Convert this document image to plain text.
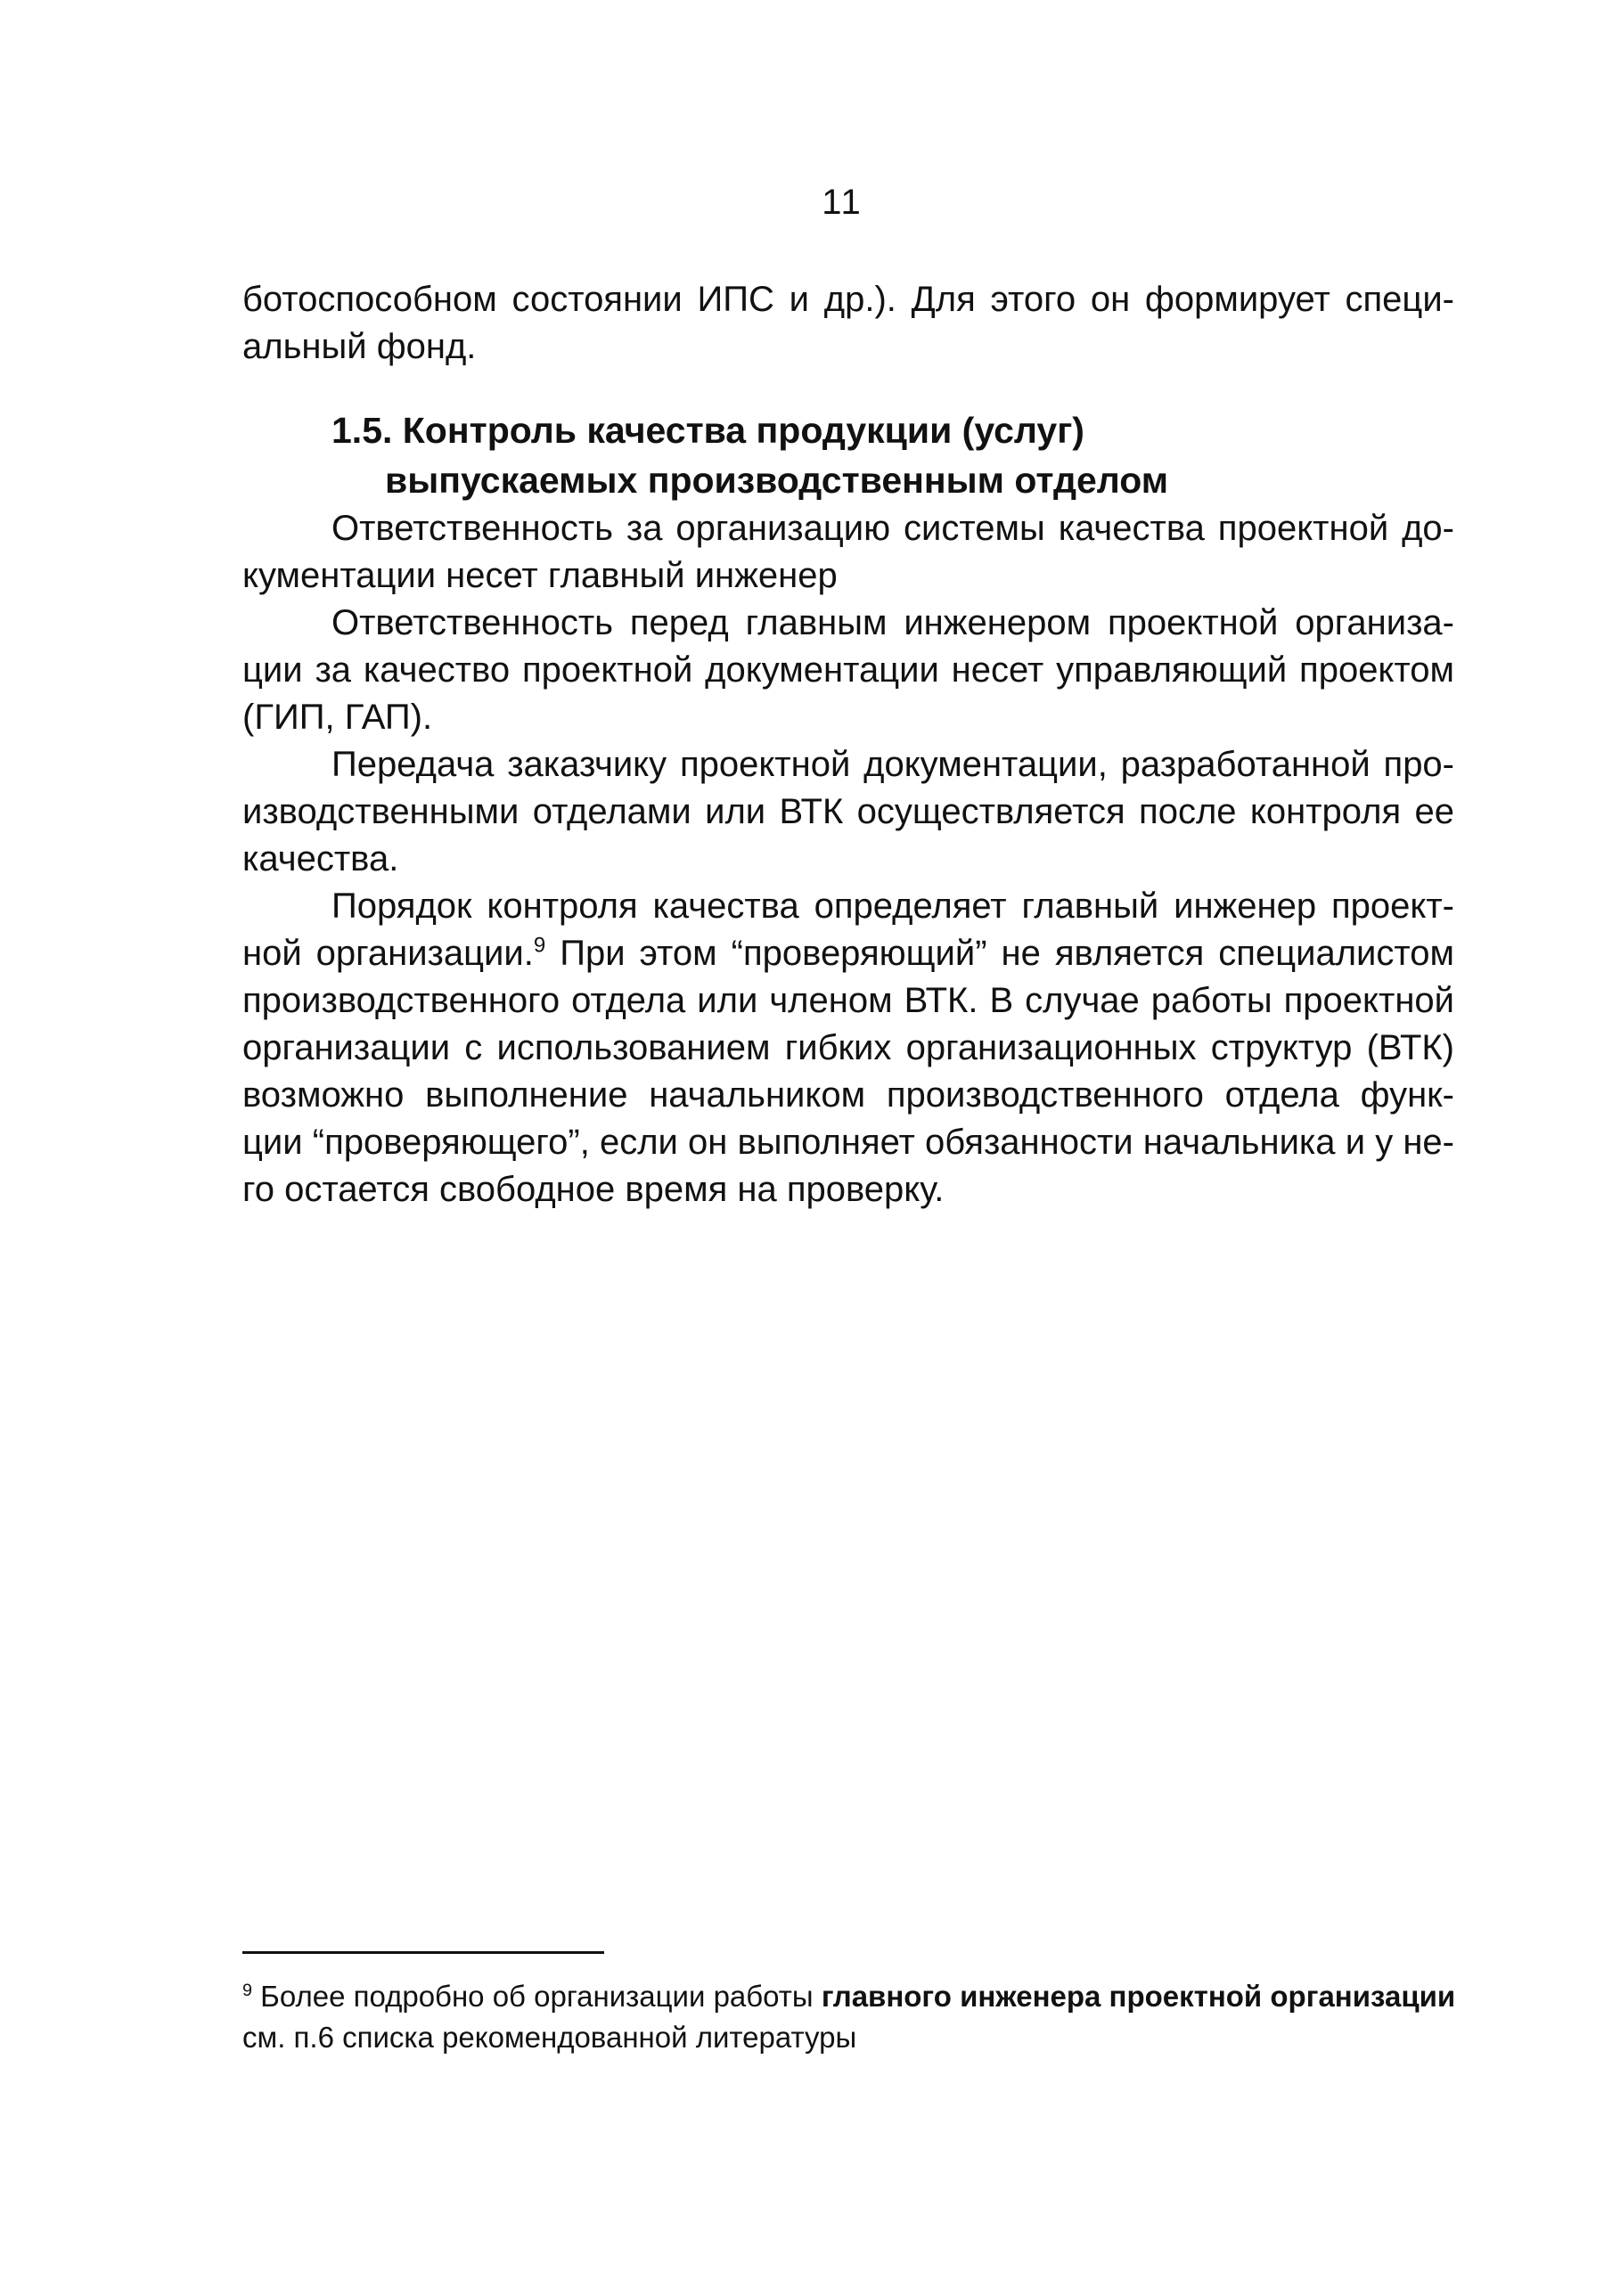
11
ботоспособном состоянии ИПС и др.). Для этого он формирует специ-
альный фонд.
1.5. Контроль качества продукции (услуг)
выпускаемых производственным отделом
Ответственность за организацию системы качества проектной до-
кументации несет главный инженер
Ответственность перед главным инженером проектной организа-
ции за качество проектной документации несет управляющий проектом
(ГИП, ГАП).
Передача заказчику проектной документации, разработанной про-
изводственными отделами или ВТК осуществляется после контроля ее
качества.
Порядок контроля качества определяет главный инженер проект-
ной организации.$^9$ При этом “проверяющий” не является специалистом
производственного отдела или членом ВТК. В случае работы проектной
организации с использованием гибких организационных структур (ВТК)
возможно выполнение начальником производственного отдела функ-
ции “проверяющего”, если он выполняет обязанности начальника и у не-
го остается свободное время на проверку.
$^9$ Более подробно об организации работы главного инженера проектной организации
см. п.6 списка рекомендованной литературы
